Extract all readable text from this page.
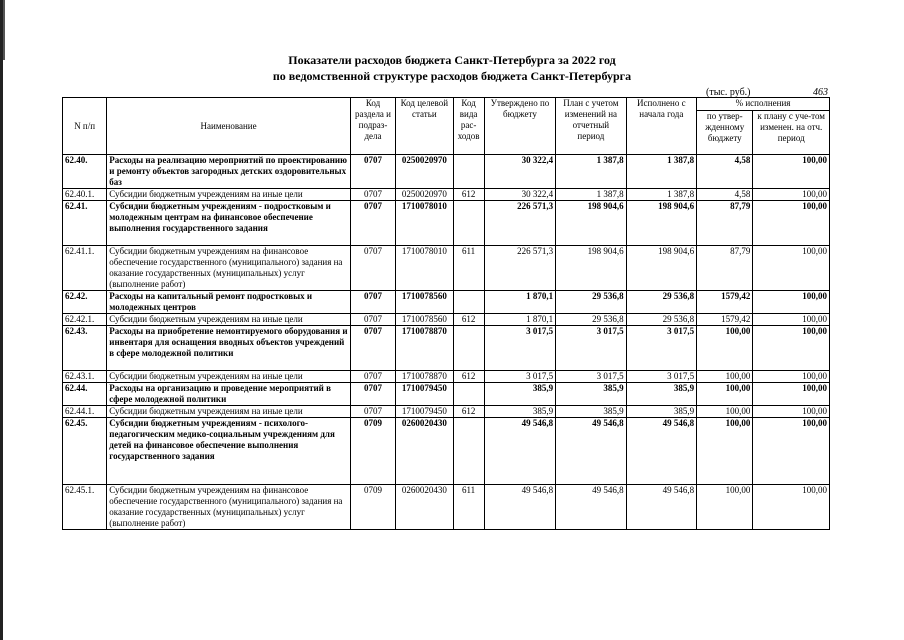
Показатели расходов бюджета Санкт-Петербурга за 2022 год
по ведомственной структуре расходов бюджета Санкт-Петербурга
(тыс. руб.)	463
N п/п	Наименование	Код раздела и подраз-дела	Код целевой статьи	Код вида рас-ходов	Утверждено по бюджету	План с учетом изменений на отчетный период	Исполнено с начала года	% исполнения	
								по утвер-жденному бюджету	к плану с уче-том изменен. на отч. период
62.40.	Расходы на реализацию мероприятий по проектированию и ремонту объектов загородных детских оздоровительных баз	0707	0250020970		30 322,4	1 387,8	1 387,8	4,58	100,00
62.40.1.	Субсидии бюджетным учреждениям на иные цели	0707	0250020970	612	30 322,4	1 387,8	1 387,8	4,58	100,00
62.41.	Субсидии бюджетным учреждениям - подростковым и молодежным центрам на финансовое обеспечение выполнения государственного задания	0707	1710078010		226 571,3	198 904,6	198 904,6	87,79	100,00
62.41.1.	Субсидии бюджетным учреждениям на финансовое обеспечение государственного (муниципального) задания на оказание государственных (муниципальных) услуг (выполнение работ)	0707	1710078010	611	226 571,3	198 904,6	198 904,6	87,79	100,00
62.42.	Расходы на капитальный ремонт подростковых и молодежных центров	0707	1710078560		1 870,1	29 536,8	29 536,8	1579,42	100,00
62.42.1.	Субсидии бюджетным учреждениям на иные цели	0707	1710078560	612	1 870,1	29 536,8	29 536,8	1579,42	100,00
62.43.	Расходы на приобретение немонтируемого оборудования и инвентаря для оснащения вводных объектов учреждений в сфере молодежной политики	0707	1710078870		3 017,5	3 017,5	3 017,5	100,00	100,00
62.43.1.	Субсидии бюджетным учреждениям на иные цели	0707	1710078870	612	3 017,5	3 017,5	3 017,5	100,00	100,00
62.44.	Расходы на организацию и проведение мероприятий в сфере молодежной политики	0707	1710079450		385,9	385,9	385,9	100,00	100,00
62.44.1.	Субсидии бюджетным учреждениям на иные цели	0707	1710079450	612	385,9	385,9	385,9	100,00	100,00
62.45.	Субсидии бюджетным учреждениям - психолого-педагогическим медико-социальным учреждениям для детей на финансовое обеспечение выполнения государственного задания	0709	0260020430		49 546,8	49 546,8	49 546,8	100,00	100,00
62.45.1.	Субсидии бюджетным учреждениям на финансовое обеспечение государственного (муниципального) задания на оказание государственных (муниципальных) услуг (выполнение работ)	0709	0260020430	611	49 546,8	49 546,8	49 546,8	100,00	100,00
